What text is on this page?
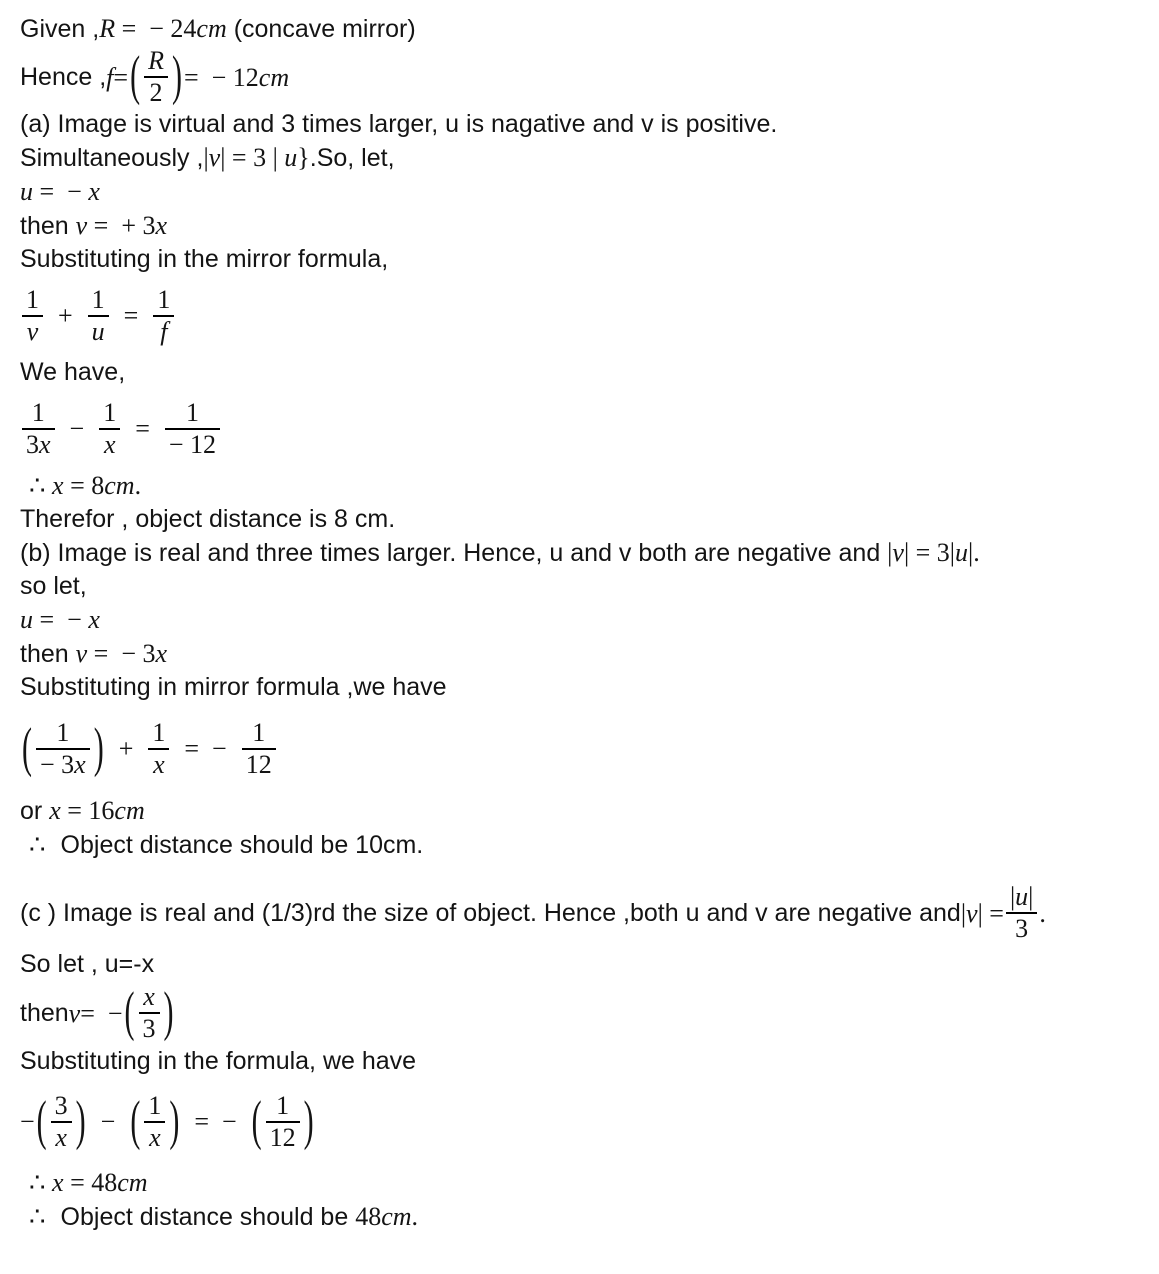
Given ,R =  − 24cm (concave mirror)
Hence , f = ( $\frac{R}{2}$ ) =  − 12 cm
(a) Image is virtual and 3 times larger, u is nagative and v is positive.
Simultaneously ,|v| = 3 | u}.So, let,
u =  − x
then v =  + 3x
Substituting in the mirror formula,
$\frac{1}{v} + \frac{1}{u} = \frac{1}{f}$
We have,
$\frac{1}{3x} - \frac{1}{x} = \frac{1}{- 12}$
∴ x = 8cm.
Therefor , object distance is 8 cm.
(b) Image is real and three times larger. Hence, u and v both are negative and |v| = 3|u|.
so let,
u =  − x
then v =  − 3x
Substituting in mirror formula ,we have
( $\frac{1}{- 3x}$ ) + $\frac{1}{x}$ =  − $\frac{1}{12}$
or x = 16cm
∴ Object distance should be 10cm.
(c ) Image is real and (1/3)rd the size of object. Hence ,both u and v are negative and | v | = $\frac{|u|}{3}$ .
So let , u=-x
then v =  − ( $\frac{x}{3}$ )
Substituting in the formula, we have
− ( $\frac{3}{x}$ ) − ( $\frac{1}{x}$ ) =  − ( $\frac{1}{12}$ )
∴ x = 48cm
∴ Object distance should be 48cm.
